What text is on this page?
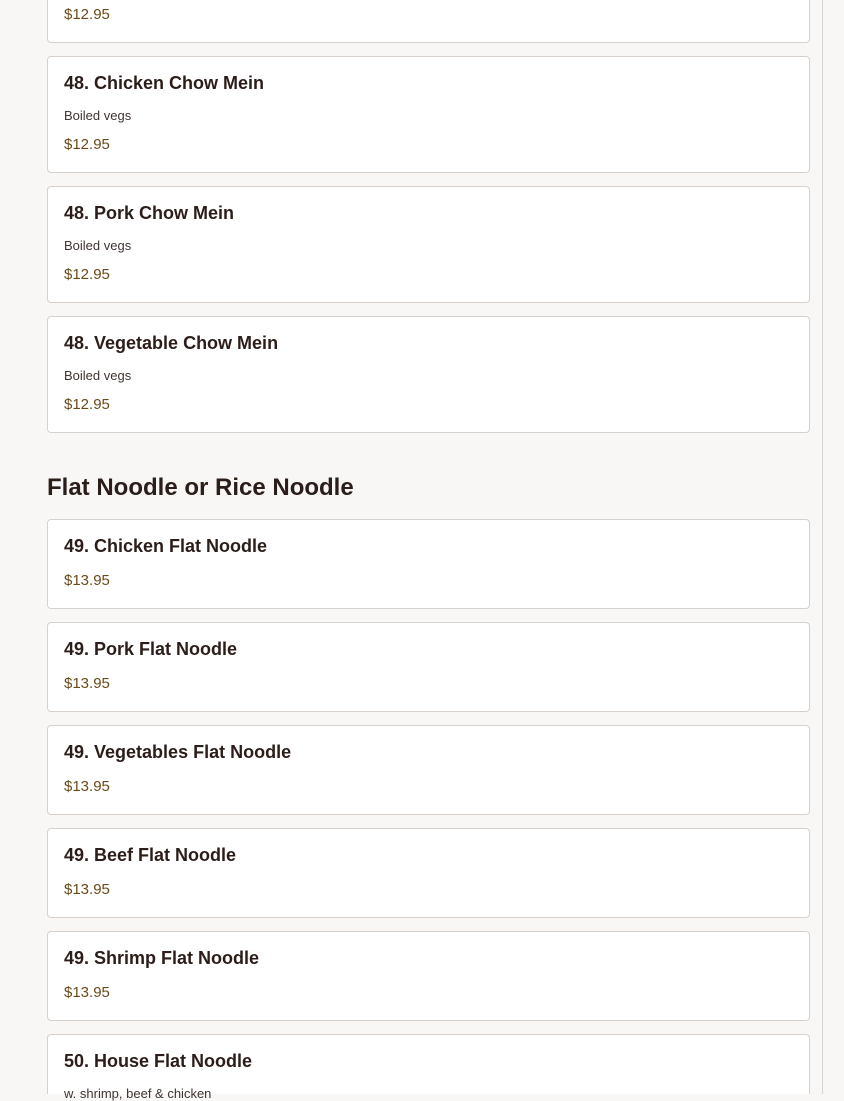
$12.95
48. Chicken Chow Mein
Boiled vegs
$12.95
48. Pork Chow Mein
Boiled vegs
$12.95
48. Vegetable Chow Mein
Boiled vegs
$12.95
Flat Noodle or Rice Noodle
49. Chicken Flat Noodle
$13.95
49. Pork Flat Noodle
$13.95
49. Vegetables Flat Noodle
$13.95
49. Beef Flat Noodle
$13.95
49. Shrimp Flat Noodle
$13.95
50. House Flat Noodle
w. shrimp, beef & chicken
